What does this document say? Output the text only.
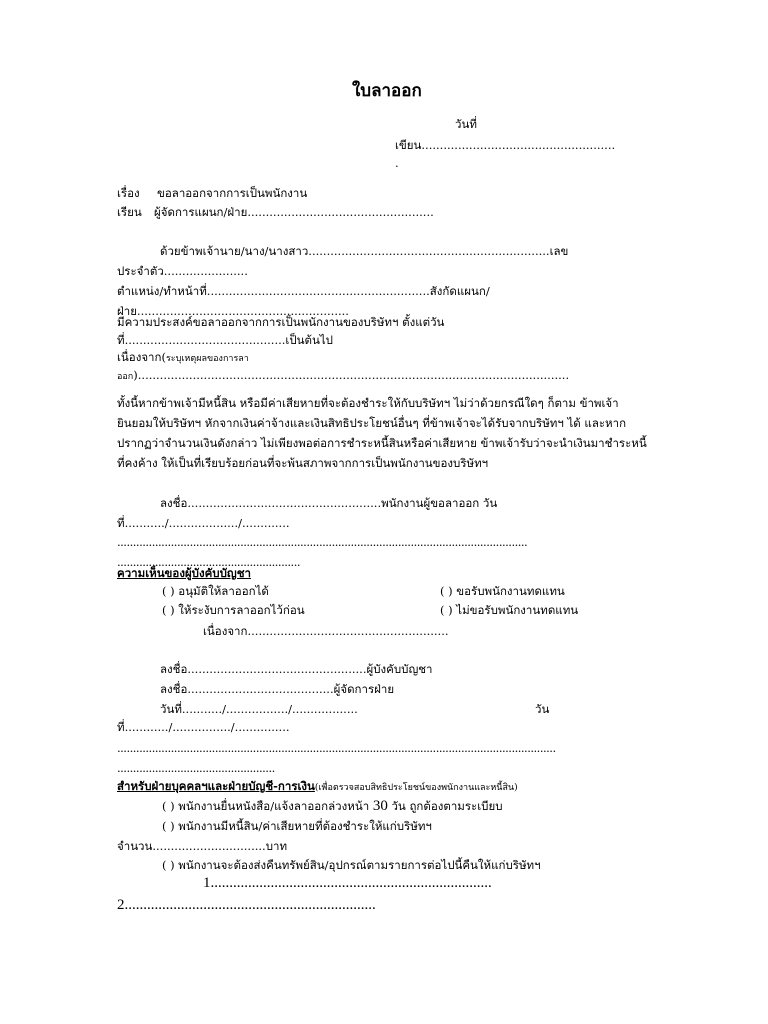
ใบลาออก
วันที่
เขียน.....................................................
.
เรื่อง ขอลาออกจากการเป็นพนักงาน
เรียน ผู้จัดการแผนก/ฝ่าย...................................................
ด้วยข้าพเจ้านาย/นาง/นางสาว..................................................................เลข
ประจำตัว.......................
ตำแหน่ง/ทำหน้าที่.............................................................สังกัดแผนก/
ฝ่าย..........................................................
มีความประสงค์ขอลาออกจากการเป็นพนักงานของบริษัทฯ ตั้งแต่วัน
ที่............................................เป็นต้นไป
เนื่องจาก(ระบุเหตุผลของการลา
ออก)......................................................................................................................
ทั้งนี้หากข้าพเจ้ามีหนี้สิน หรือมีค่าเสียหายที่จะต้องชำระให้กับบริษัทฯ ไม่ว่าด้วยกรณีใดๆ ก็ตาม ข้าพเจ้า
ยินยอมให้บริษัทฯ หักจากเงินค่าจ้างและเงินสิทธิประโยชน์อื่นๆ ที่ข้าพเจ้าจะได้รับจากบริษัทฯ ได้ และหาก
ปรากฏว่าจำนวนเงินดังกล่าว ไม่เพียงพอต่อการชำระหนี้สินหรือค่าเสียหาย ข้าพเจ้ารับว่าจะนำเงินมาชำระหนี้
ที่คงค้าง ให้เป็นที่เรียบร้อยก่อนที่จะพ้นสภาพจากการเป็นพนักงานของบริษัทฯ
ลงชื่อ.....................................................พนักงานผู้ขอลาออก วัน
ที่.........../.................../.............
..................................................................................................................................
..........................................................
ความเห็นของผู้บังคับบัญชา
( ) อนุมัติให้ลาออกได้	( ) ขอรับพนักงานทดแทน
( ) ให้ระงับการลาออกไว้ก่อน	( ) ไม่ขอรับพนักงานทดแทน
เนื่องจาก.......................................................
ลงชื่อ.................................................ผู้บังคับบัญชา
ลงชื่อ........................................ผู้จัดการฝ่าย
วันที่.........../................./..................	วัน
ที่............/................/...............
...........................................................................................................................................
..................................................
สำหรับฝ่ายบุคคลฯและฝ่ายบัญชี-การเงิน(เพื่อตรวจสอบสิทธิประโยชน์ของพนักงานและหนี้สิน)
( ) พนักงานยื่นหนังสือ/แจ้งลาออกล่วงหน้า 30 วัน ถูกต้องตามระเบียบ
( ) พนักงานมีหนี้สิน/ค่าเสียหายที่ต้องชำระให้แก่บริษัทฯ
จำนวน...............................บาท
( ) พนักงานจะต้องส่งคืนทรัพย์สิน/อุปกรณ์ตามรายการต่อไปนี้คืนให้แก่บริษัทฯ
1...........................................................................
2...................................................................
